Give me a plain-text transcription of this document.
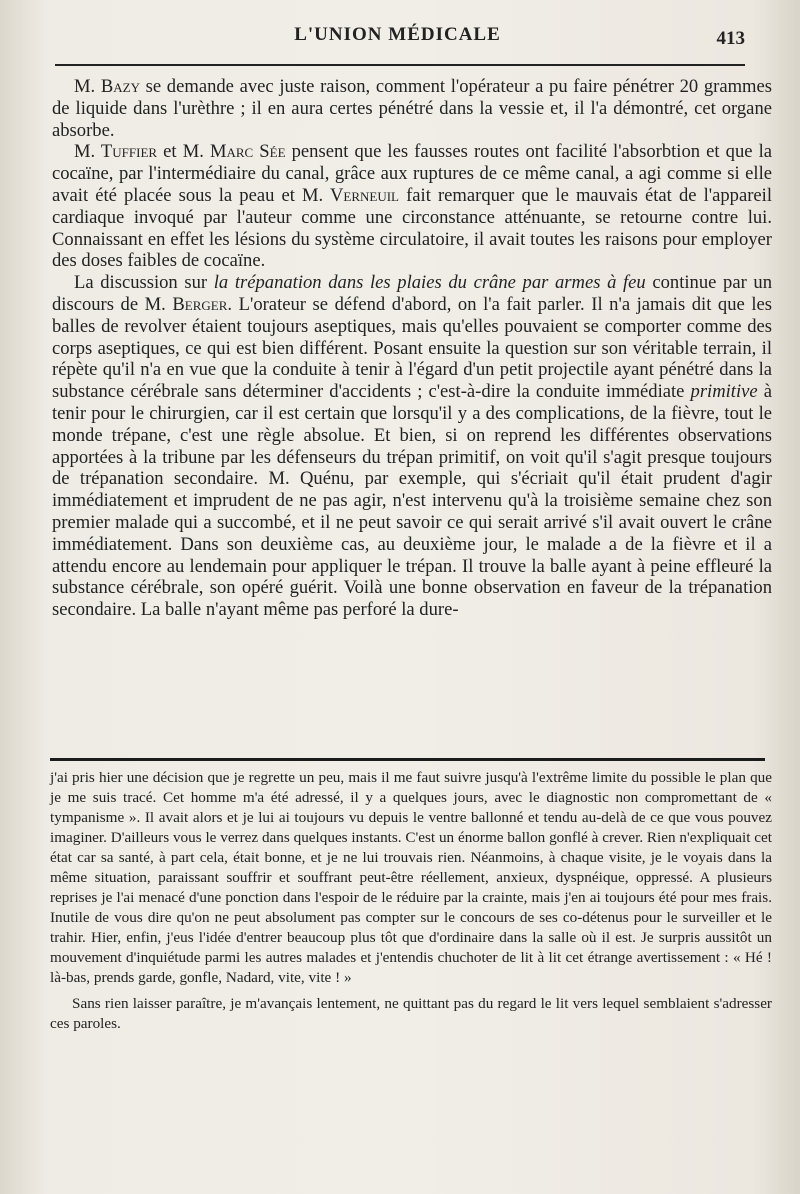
L'UNION MÉDICALE	413

M. Bazy se demande avec juste raison, comment l'opérateur a pu faire pénétrer 20 grammes de liquide dans l'urèthre ; il en aura certes pénétré dans la vessie et, il l'a démontré, cet organe absorbe.

M. Tuffier et M. Marc Sée pensent que les fausses routes ont facilité l'absorbtion et que la cocaïne, par l'intermédiaire du canal, grâce aux ruptures de ce même canal, a agi comme si elle avait été placée sous la peau et M. Verneuil fait remarquer que le mauvais état de l'appareil cardiaque invoqué par l'auteur comme une circonstance atténuante, se retourne contre lui. Connaissant en effet les lésions du système circulatoire, il avait toutes les raisons pour employer des doses faibles de cocaïne.

La discussion sur la trépanation dans les plaies du crâne par armes à feu continue par un discours de M. Berger. L'orateur se défend d'abord, on l'a fait parler. Il n'a jamais dit que les balles de revolver étaient toujours aseptiques, mais qu'elles pouvaient se comporter comme des corps aseptiques, ce qui est bien différent. Posant ensuite la question sur son véritable terrain, il répète qu'il n'a en vue que la conduite à tenir à l'égard d'un petit projectile ayant pénétré dans la substance cérébrale sans déterminer d'accidents ; c'est-à-dire la conduite immédiate primitive à tenir pour le chirurgien, car il est certain que lorsqu'il y a des complications, de la fièvre, tout le monde trépane, c'est une règle absolue. Et bien, si on reprend les différentes observations apportées à la tribune par les défenseurs du trépan primitif, on voit qu'il s'agit presque toujours de trépanation secondaire. M. Quénu, par exemple, qui s'écriait qu'il était prudent d'agir immédiatement et imprudent de ne pas agir, n'est intervenu qu'à la troisième semaine chez son premier malade qui a succombé, et il ne peut savoir ce qui serait arrivé s'il avait ouvert le crâne immédiatement. Dans son deuxième cas, au deuxième jour, le malade a de la fièvre et il a attendu encore au lendemain pour appliquer le trépan. Il trouve la balle ayant à peine effleuré la substance cérébrale, son opéré guérit. Voilà une bonne observation en faveur de la trépanation secondaire. La balle n'ayant même pas perforé la dure-

j'ai pris hier une décision que je regrette un peu, mais il me faut suivre jusqu'à l'extrême limite du possible le plan que je me suis tracé. Cet homme m'a été adressé, il y a quelques jours, avec le diagnostic non compromettant de « tympanisme ». Il avait alors et je lui ai toujours vu depuis le ventre ballonné et tendu au-delà de ce que vous pouvez imaginer. D'ailleurs vous le verrez dans quelques instants. C'est un énorme ballon gonflé à crever. Rien n'expliquait cet état car sa santé, à part cela, était bonne, et je ne lui trouvais rien. Néanmoins, à chaque visite, je le voyais dans la même situation, paraissant souffrir et souffrant peut-être réellement, anxieux, dyspnéique, oppressé. A plusieurs reprises je l'ai menacé d'une ponction dans l'espoir de le réduire par la crainte, mais j'en ai toujours été pour mes frais. Inutile de vous dire qu'on ne peut absolument pas compter sur le concours de ses co-détenus pour le surveiller et le trahir. Hier, enfin, j'eus l'idée d'entrer beaucoup plus tôt que d'ordinaire dans la salle où il est. Je surpris aussitôt un mouvement d'inquiétude parmi les autres malades et j'entendis chuchoter de lit à lit cet étrange avertissement : « Hé ! là-bas, prends garde, gonfle, Nadard, vite, vite ! »

Sans rien laisser paraître, je m'avançais lentement, ne quittant pas du regard le lit vers lequel semblaient s'adresser ces paroles.
